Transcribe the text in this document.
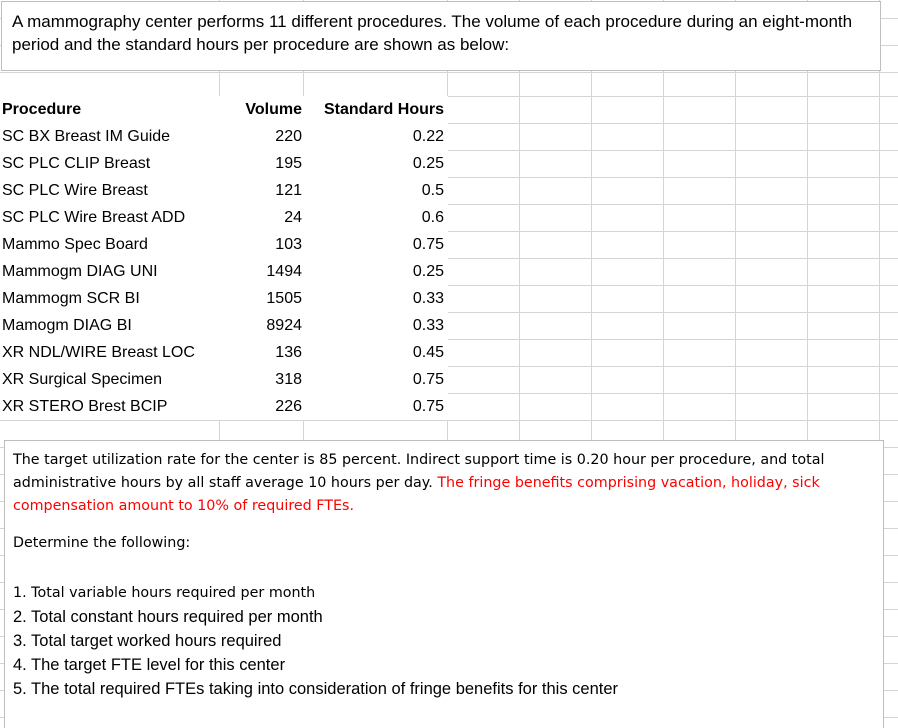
A mammography center performs 11 different procedures. The volume of each procedure during an eight-month period and the standard hours per procedure are shown as below:
Procedure	Volume	Standard Hours
SC BX Breast IM Guide	220	0.22
SC PLC CLIP Breast	195	0.25
SC PLC Wire Breast	121	0.5
SC PLC Wire Breast ADD	24	0.6
Mammo Spec Board	103	0.75
Mammogm DIAG UNI	1494	0.25
Mammogm SCR BI	1505	0.33
Mamogm DIAG BI	8924	0.33
XR NDL/WIRE Breast LOC	136	0.45
XR Surgical Specimen	318	0.75
XR STERO Brest BCIP	226	0.75

The target utilization rate for the center is 85 percent. Indirect support time is 0.20 hour per procedure, and total administrative hours by all staff average 10 hours per day. The fringe benefits comprising vacation, holiday, sick compensation amount to 10% of required FTEs.

Determine the following:

1. Total variable hours required per month
2. Total constant hours required per month
3. Total target worked hours required
4. The target FTE level for this center
5. The total required FTEs taking into consideration of fringe benefits for this center
